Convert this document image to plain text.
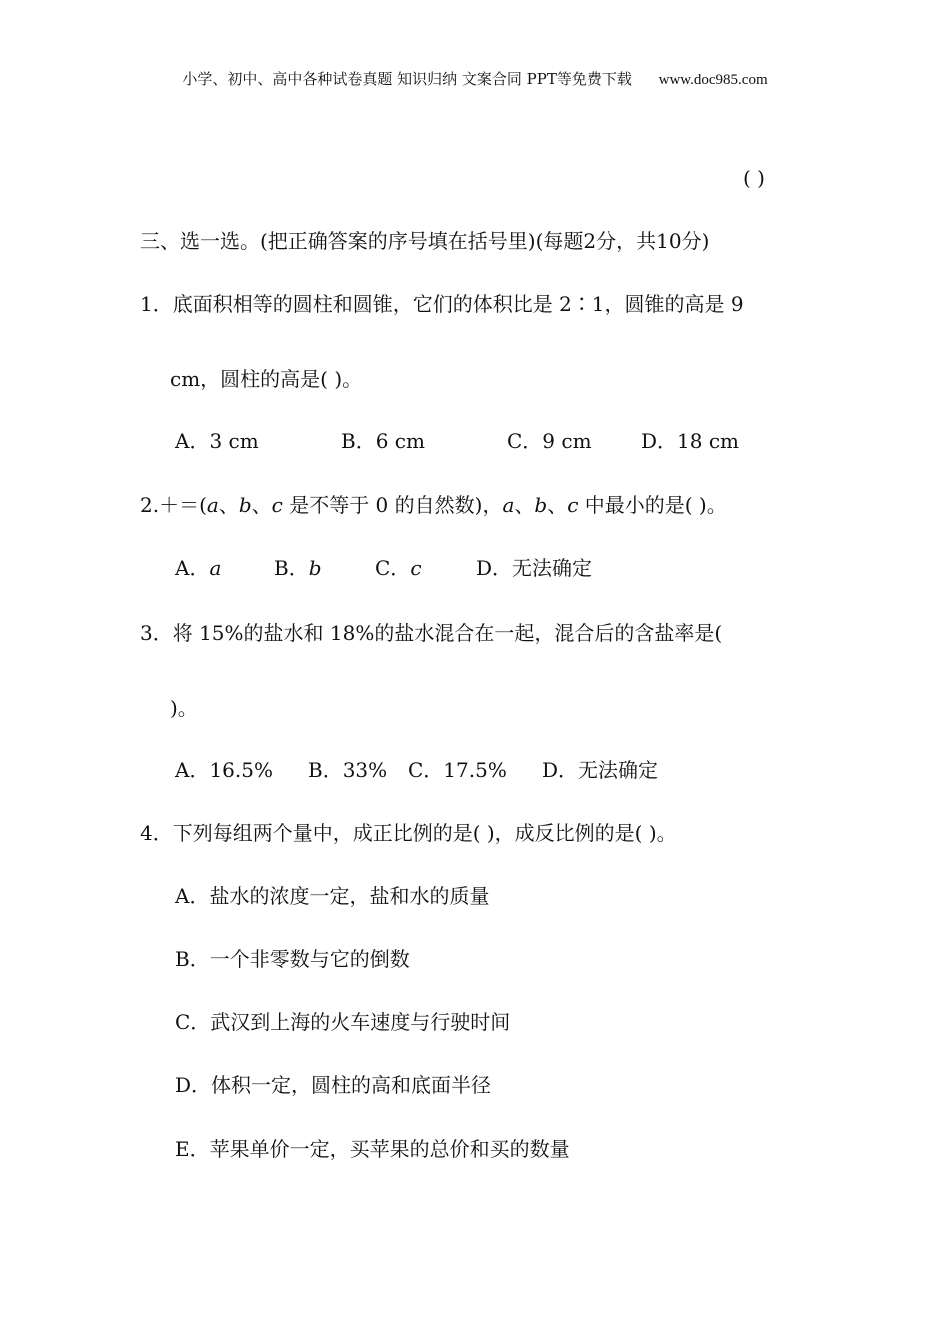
小学、初中、高中各种试卷真题 知识归纳 文案合同 PPT等免费下载 www.doc985.com
( )
三、选一选。(把正确答案的序号填在括号里)(每题2分，共10分)
1．底面积相等的圆柱和圆锥，它们的体积比是 2∶1，圆锥的高是 9
cm，圆柱的高是( )。
A．3 cm	B．6 cm	C．9 cm D．18 cm
2.＋＝(a、b、c 是不等于 0 的自然数)，a、b、c 中最小的是( )。
A．a	B．b	C．c	D．无法确定
3．将 15%的盐水和 18%的盐水混合在一起，混合后的含盐率是(
)。
A．16.5% B．33% C．17.5% D．无法确定
4．下列每组两个量中，成正比例的是( )，成反比例的是( )。
A．盐水的浓度一定，盐和水的质量
B．一个非零数与它的倒数
C．武汉到上海的火车速度与行驶时间
D．体积一定，圆柱的高和底面半径
E．苹果单价一定，买苹果的总价和买的数量
